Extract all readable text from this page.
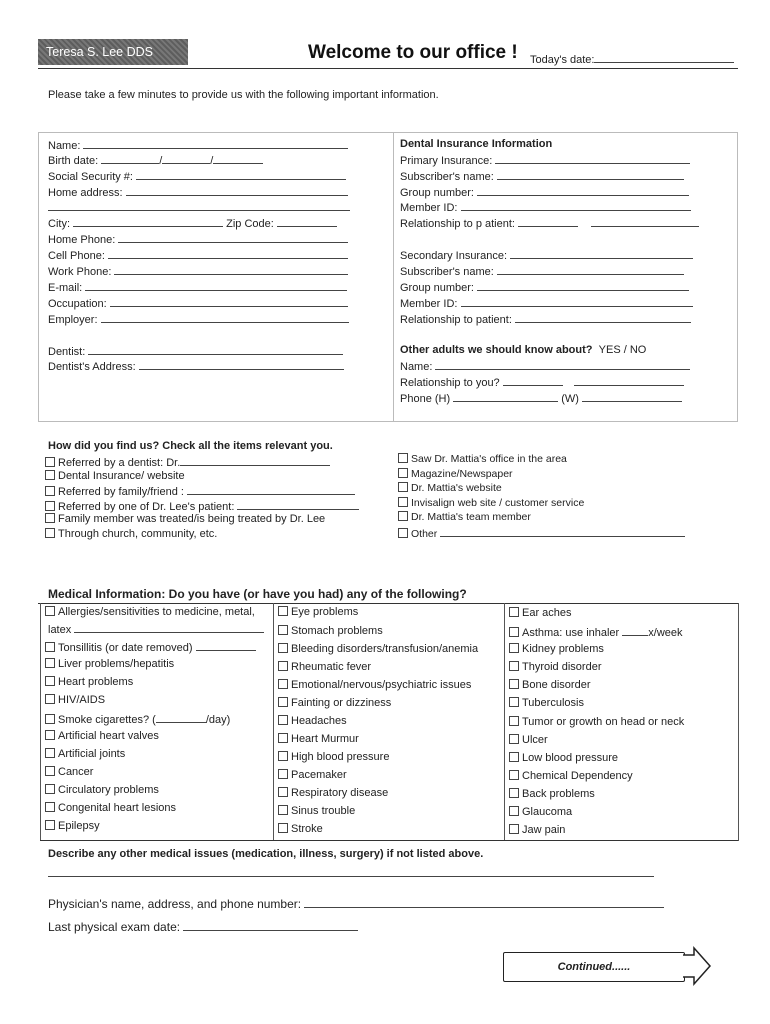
Teresa S. Lee DDS	Welcome to our office ! Today's date:
Please take a few minutes to provide us with the following important information.
Name:
Birth date:	/	/
Social Security #:
Home address:
City:	Zip Code:
Home Phone:
Cell Phone:
Work Phone:
E-mail:
Occupation:
Employer:
Dentist:
Dentist's Address:
Dental Insurance Information
Primary Insurance:
Subscriber's name:
Group number:
Member ID:
Relationship to p atient:
Secondary Insurance:
Subscriber's name:
Group number:
Member ID:
Relationship to patient:
Other adults we should know about? YES / NO
Name:
Relationship to you?
Phone (H)	(W)
How did you find us? Check all the items relevant you.
Referred by a dentist: Dr.
Dental Insurance/ website
Referred by family/friend :
Referred by one of Dr. Lee's patient:
Family member was treated/is being treated by Dr. Lee
Through church, community, etc.
Saw Dr. Mattia's office in the area
Magazine/Newspaper
Dr. Mattia's website
Invisalign web site / customer service
Dr. Mattia's team member
Other
Medical Information: Do you have (or have you had) any of the following?
Allergies/sensitivities to medicine, metal,
latex
Tonsillitis (or date removed)
Liver problems/hepatitis
Heart problems
HIV/AIDS
Smoke cigarettes? (	/day)
Artificial heart valves
Artificial joints
Cancer
Circulatory problems
Congenital heart lesions
Epilepsy
Eye problems
Stomach problems
Bleeding disorders/transfusion/anemia
Rheumatic fever
Emotional/nervous/psychiatric issues
Fainting or dizziness
Headaches
Heart Murmur
High blood pressure
Pacemaker
Respiratory disease
Sinus trouble
Stroke
Ear aches
Asthma: use inhaler	x/week
Kidney problems
Thyroid disorder
Bone disorder
Tuberculosis
Tumor or growth on head or neck
Ulcer
Low blood pressure
Chemical Dependency
Back problems
Glaucoma
Jaw pain
Describe any other medical issues (medication, illness, surgery) if not listed above.
Physician's name, address, and phone number:
Last physical exam date:
Continued......
